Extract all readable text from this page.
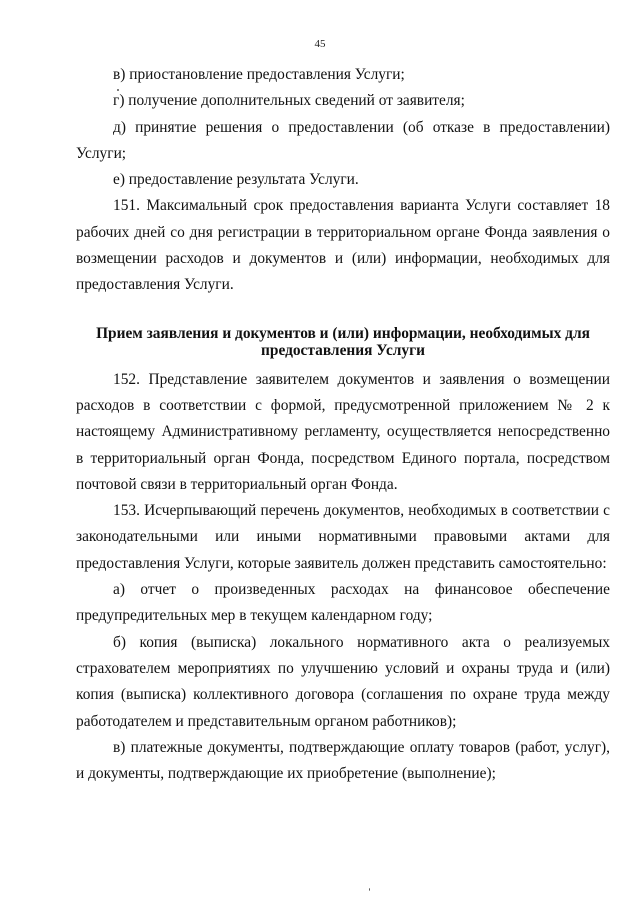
45

в) приостановление предоставления Услуги;

г) получение дополнительных сведений от заявителя;

д) принятие решения о предоставлении (об отказе в предоставлении) Услуги;

е) предоставление результата Услуги.

151. Максимальный срок предоставления варианта Услуги составляет 18 рабочих дней со дня регистрации в территориальном органе Фонда заявления о возмещении расходов и документов и (или) информации, необходимых для предоставления Услуги.

Прием заявления и документов и (или) информации, необходимых для
предоставления Услуги

152. Представление заявителем документов и заявления о возмещении расходов в соответствии с формой, предусмотренной приложением № 2 к настоящему Административному регламенту, осуществляется непосредственно в территориальный орган Фонда, посредством Единого портала, посредством почтовой связи в территориальный орган Фонда.

153. Исчерпывающий перечень документов, необходимых в соответствии с законодательными или иными нормативными правовыми актами для предоставления Услуги, которые заявитель должен представить самостоятельно:

а) отчет о произведенных расходах на финансовое обеспечение предупредительных мер в текущем календарном году;

б) копия (выписка) локального нормативного акта о реализуемых страхователем мероприятиях по улучшению условий и охраны труда и (или) копия (выписка) коллективного договора (соглашения по охране труда между работодателем и представительным органом работников);

в) платежные документы, подтверждающие оплату товаров (работ, услуг), и документы, подтверждающие их приобретение (выполнение);
